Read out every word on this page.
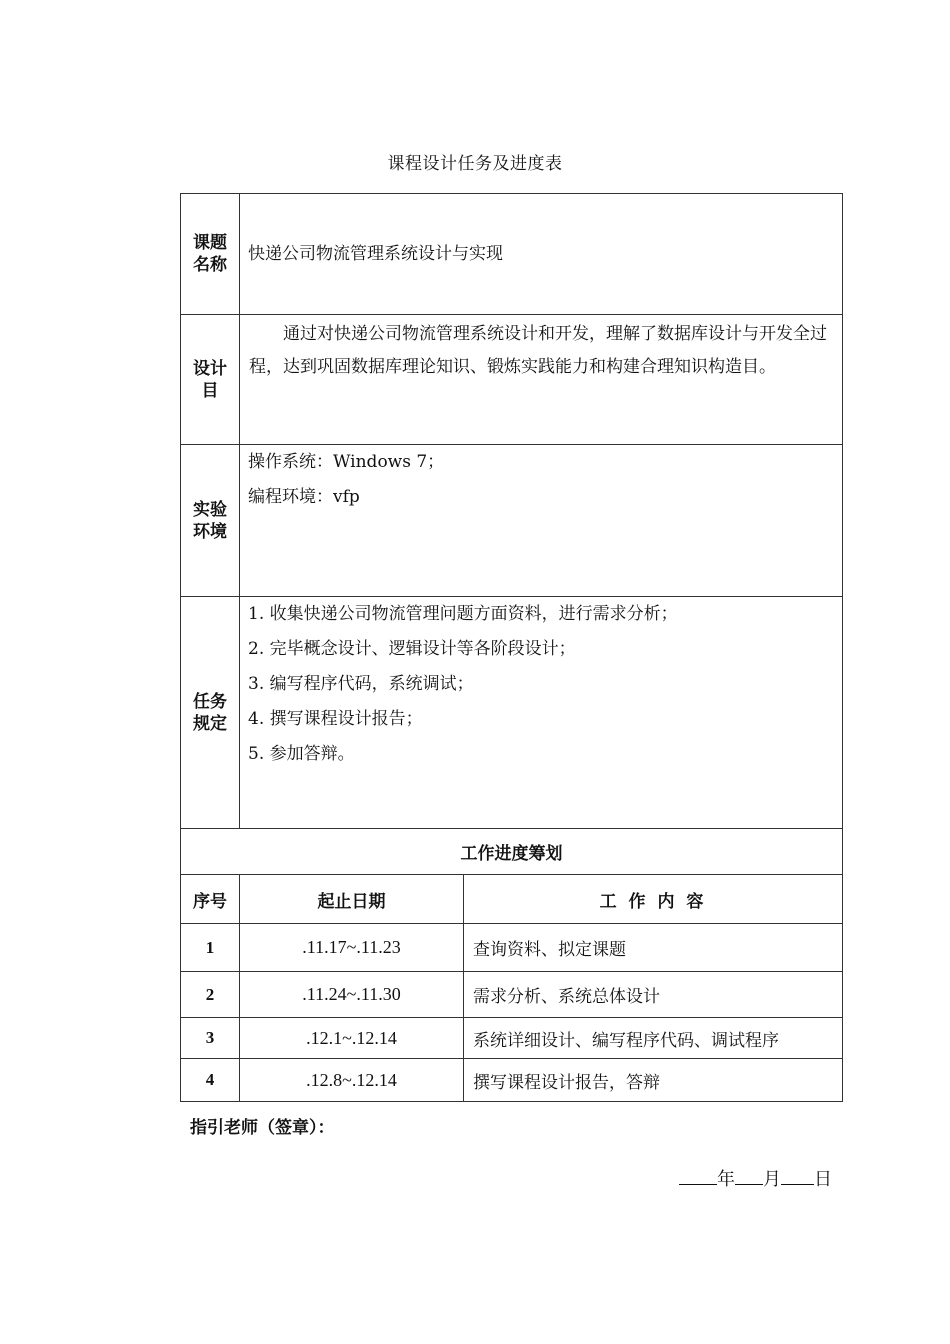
课程设计任务及进度表
课题
名称	快递公司物流管理系统设计与实现	

设计
目	通过对快递公司物流管理系统设计和开发，理解了数据库设计与开发全过程，达到巩固数据库理论知识、锻炼实践能力和构建合理知识构造目。	

实验
环境	操作系统：Windows 7；
编程环境：vfp	

任务
规定	1. 收集快递公司物流管理问题方面资料，进行需求分析；
2. 完毕概念设计、逻辑设计等各阶段设计；
3. 编写程序代码，系统调试；
4. 撰写课程设计报告；
5. 参加答辩。	

工作进度筹划		
序号	起止日期	工 作 内 容
1	.11.17~.11.23	查询资料、拟定课题
2	.11.24~.11.30	需求分析、系统总体设计
3	.12.1~.12.14	系统详细设计、编写程序代码、调试程序
4	.12.8~.12.14	撰写课程设计报告，答辩
指引老师（签章）：
年 月 日
